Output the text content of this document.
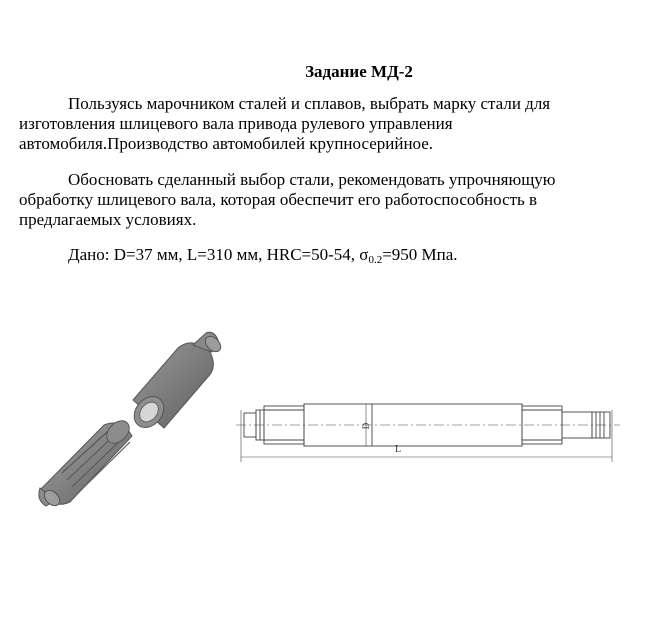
Задание МД-2

Пользуясь марочником сталей и сплавов, выбрать марку стали для изготовления шлицевого вала привода рулевого управления автомобиля.Производство автомобилей крупносерийное.

Обосновать сделанный выбор стали, рекомендовать упрочняющую обработку шлицевого вала, которая обеспечит его работоспособность в предлагаемых условиях.

Дано: D=37 мм, L=310 мм, HRC=50-54, $\sigma_{0.2}=950$ Мпа.

D
L
